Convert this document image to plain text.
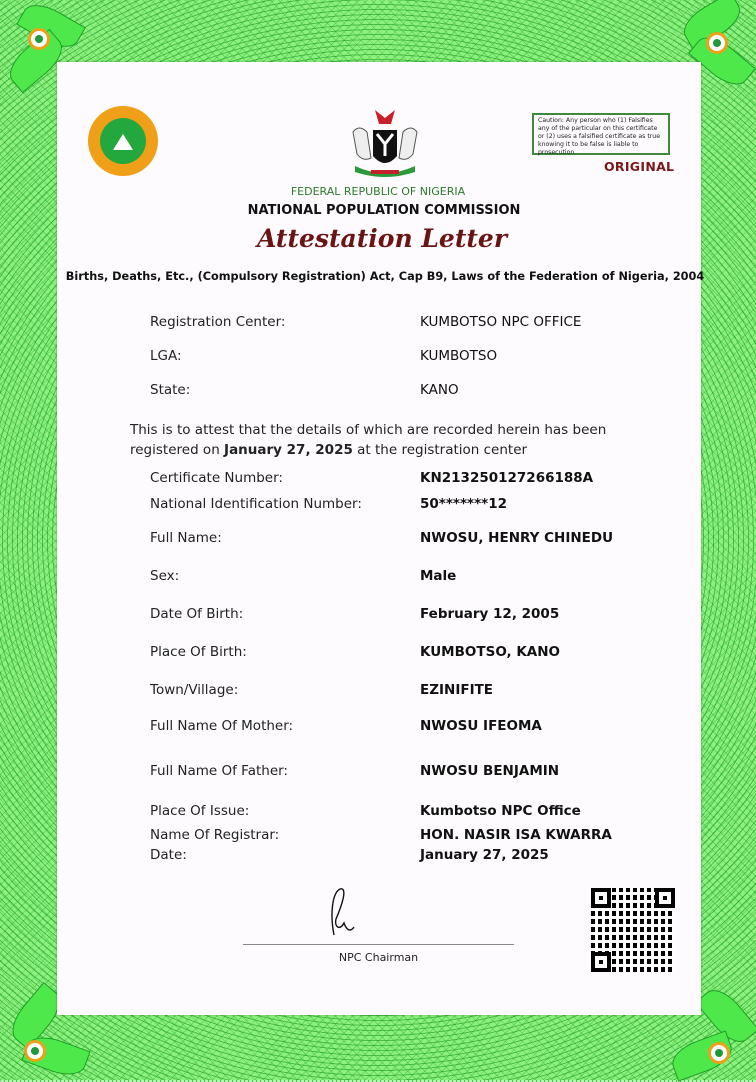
Caution: Any person who (1) Falsifies any of the particular on this certificate or (2) uses a falsified certificate as true knowing it to be false is liable to prosecution
ORIGINAL
FEDERAL REPUBLIC OF NIGERIA
NATIONAL POPULATION COMMISSION
Attestation Letter
Births, Deaths, Etc., (Compulsory Registration) Act, Cap B9, Laws of the Federation of Nigeria, 2004
Registration Center:	KUMBOTSO NPC OFFICE
LGA:	KUMBOTSO
State:	KANO
This is to attest that the details of which are recorded herein has been
registered on January 27, 2025 at the registration center
Certificate Number:	KN213250127266188A
National Identification Number:	50*******12
Full Name:	NWOSU, HENRY CHINEDU
Sex:	Male
Date Of Birth:	February 12, 2005
Place Of Birth:	KUMBOTSO, KANO
Town/Village:	EZINIFITE
Full Name Of Mother:	NWOSU IFEOMA
Full Name Of Father:	NWOSU BENJAMIN
Place Of Issue:	Kumbotso NPC Office
Name Of Registrar:	HON. NASIR ISA KWARRA
Date:	January 27, 2025
NPC Chairman
